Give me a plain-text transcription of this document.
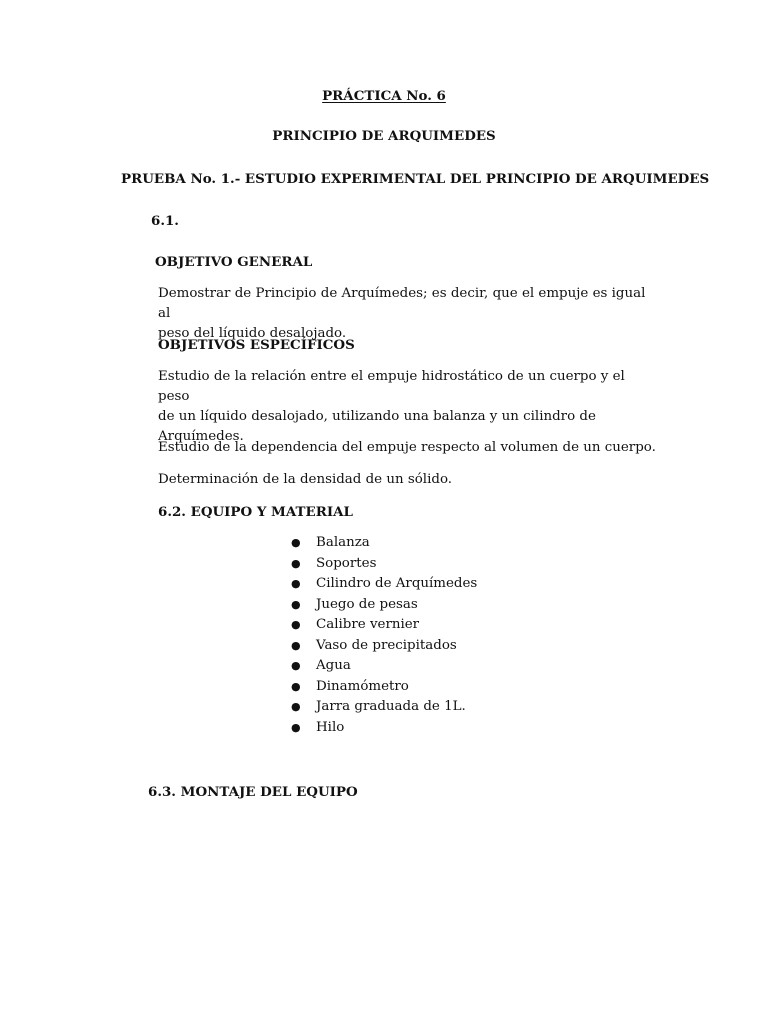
PRÁCTICA No. 6
PRINCIPIO DE ARQUIMEDES
PRUEBA No. 1.- ESTUDIO EXPERIMENTAL DEL PRINCIPIO DE ARQUIMEDES
6.1.
OBJETIVO GENERAL
Demostrar de Principio de Arquímedes; es decir, que el empuje es igual al
peso del líquido desalojado.
OBJETIVOS ESPECÍFICOS
Estudio de la relación entre el empuje hidrostático de un cuerpo y el peso
de un líquido desalojado, utilizando una balanza y un cilindro de
Arquímedes.
Estudio de la dependencia del empuje respecto al volumen de un cuerpo.
Determinación de la densidad de un sólido.
6.2. EQUIPO Y MATERIAL
● Balanza
● Soportes
● Cilindro de Arquímedes
● Juego de pesas
● Calibre vernier
● Vaso de precipitados
● Agua
● Dinamómetro
● Jarra graduada de 1L.
● Hilo
6.3. MONTAJE DEL EQUIPO
